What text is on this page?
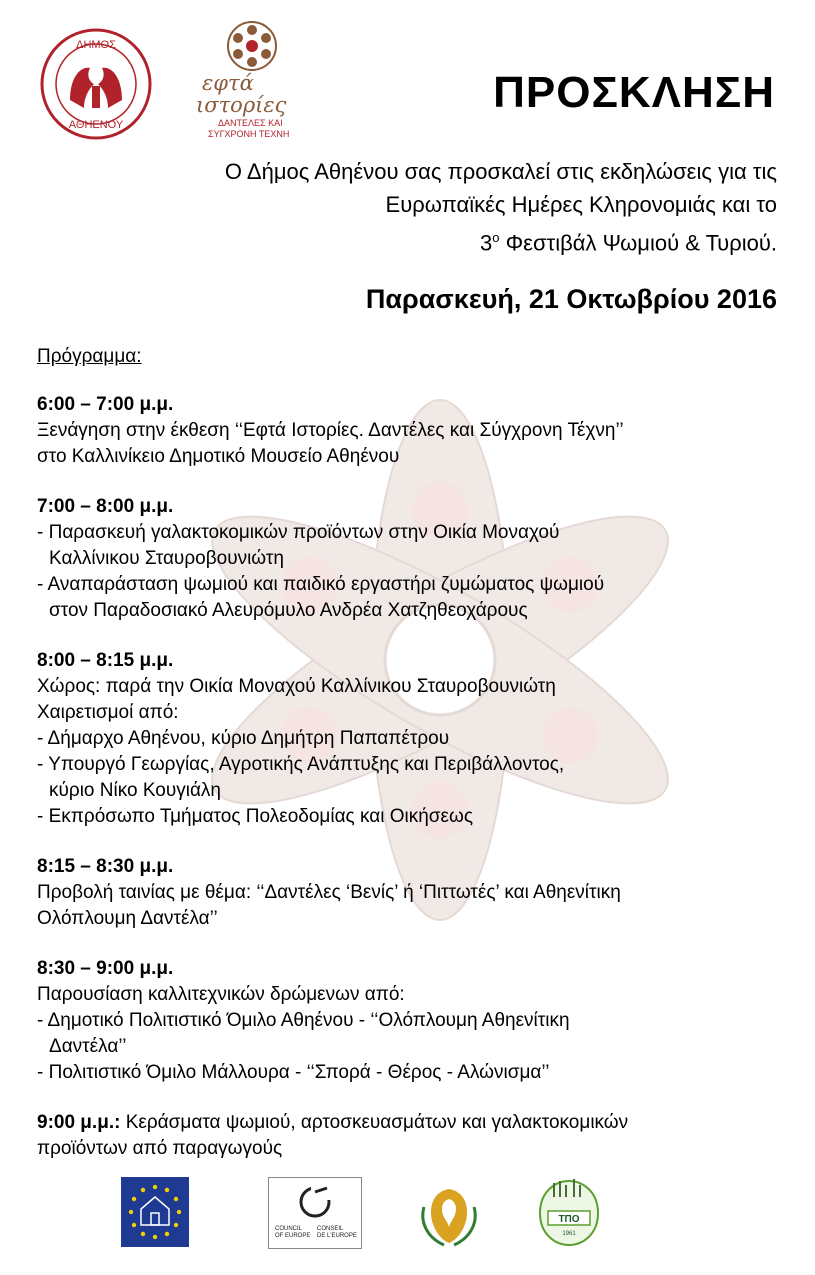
ΔΗΜΟΣ
ΑΘΗΕΝΟΥ
εφτά
ιστορίες
ΔΑΝΤΕΛΕΣ ΚΑΙ
ΣΥΓΧΡΟΝΗ ΤΕΧΝΗ
ΠΡΟΣΚΛΗΣΗ
Ο Δήμος Αθηένου σας προσκαλεί στις εκδηλώσεις για τις
Ευρωπαϊκές Ημέρες Κληρονομιάς και το
$3^o$ Φεστιβάλ Ψωμιού & Τυριού.
Παρασκευή, 21 Οκτωβρίου 2016
Πρόγραμμα:
6:00 – 7:00 μ.μ.
Ξενάγηση στην έκθεση ‘‘Εφτά Ιστορίες. Δαντέλες και Σύγχρονη Τέχνη’’
στο Καλλινίκειο Δημοτικό Μουσείο Αθηένου
7:00 – 8:00 μ.μ.
- Παρασκευή γαλακτοκομικών προϊόντων στην Οικία Μοναχού
Καλλίνικου Σταυροβουνιώτη
- Αναπαράσταση ψωμιού και παιδικό εργαστήρι ζυμώματος ψωμιού
στον Παραδοσιακό Αλευρόμυλο Ανδρέα Χατζηθεοχάρους
8:00 – 8:15 μ.μ.
Χώρος: παρά την Οικία Μοναχού Καλλίνικου Σταυροβουνιώτη
Χαιρετισμοί από:
- Δήμαρχο Αθηένου, κύριο Δημήτρη Παπαπέτρου
- Υπουργό Γεωργίας, Αγροτικής Ανάπτυξης και Περιβάλλοντος,
κύριο Νίκο Κουγιάλη
- Εκπρόσωπο Τμήματος Πολεοδομίας και Οικήσεως
8:15 – 8:30 μ.μ.
Προβολή ταινίας με θέμα: ‘‘Δαντέλες ‘Βενίς’ ή ‘Πιττωτές’ και Αθηενίτικη
Ολόπλουμη Δαντέλα’’
8:30 – 9:00 μ.μ.
Παρουσίαση καλλιτεχνικών δρώμενων από:
- Δημοτικό Πολιτιστικό Όμιλο Αθηένου - ‘‘Ολόπλουμη Αθηενίτικη
Δαντέλα’’
- Πολιτιστικό Όμιλο Μάλλουρα - ‘‘Σπορά - Θέρος - Αλώνισμα’’
9:00 μ.μ.: Κεράσματα ψωμιού, αρτοσκευασμάτων και γαλακτοκομικών
προϊόντων από παραγωγούς
COUNCIL
OF EUROPE
CONSEIL
DE L'EUROPE
ΤΠΟ
1961
